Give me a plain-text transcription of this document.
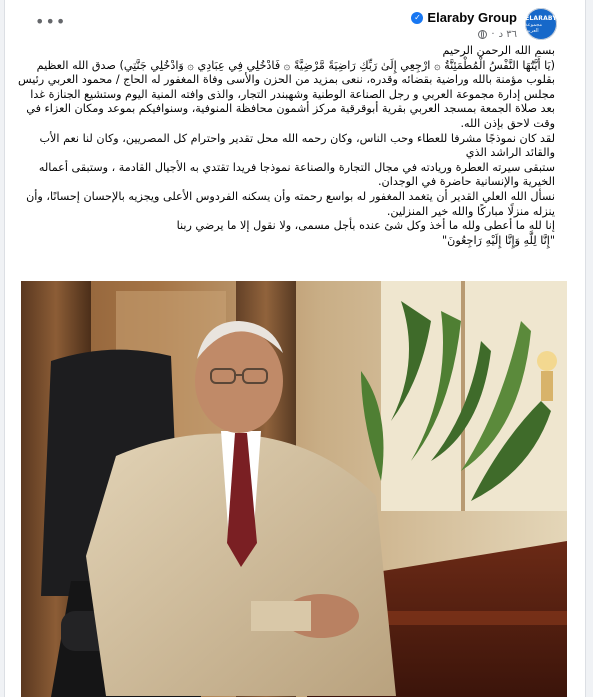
•••	✓ Elaraby Group
· ٣٦ د
ELARABY
مجموعة العربي

بسم الله الرحمن الرحيم

(يَا أَيَّتُهَا النَّفْسُ الْمُطْمَئِنَّةُ ۞ ارْجِعِي إِلَىٰ رَبِّكِ رَاضِيَةً مَّرْضِيَّةً ۞ فَادْخُلِي فِي عِبَادِي ۞ وَادْخُلِي جَنَّتِي) صدق الله العظيم

بقلوب مؤمنة بالله وراضية بقضائه وقدره، ننعى بمزيد من الحزن والأسى وفاة المغفور له الحاج / محمود العربي رئيس مجلس إدارة مجموعة العربي و رجل الصناعة الوطنية وشهبندر التجار، والذى وافته المنية اليوم وستشيع الجنازة غدا بعد صلاة الجمعة بمسجد العربي بقرية أبوقرقية مركز أشمون محافظة المنوفية، وسنوافيكم بموعد ومكان العزاء في وقت لاحق بإذن الله.

لقد كان نموذجًا مشرفا للعطاء وحب الناس، وكان رحمه الله محل تقدير واحترام كل المصريين، وكان لنا نعم الأب والقائد الراشد الذي

ستبقى سيرته العطرة وريادته في مجال التجارة والصناعة نموذجا فريدا تقتدي به الأجيال القادمة ، وستبقى أعماله الخيرية والإنسانية حاضرة في الوجدان.

نسأل الله العلي القدير أن يتغمد المغفور له بواسع رحمته وأن يسكنه الفردوس الأعلى ويجزيه بالإحسان إحسانًا، وأن ينزله منزلًا مباركًا والله خير المنزلين.

إنا لله ما أعطى ولله ما أخذ وكل شئ عنده بأجل مسمى، ولا نقول إلا ما يرضي ربنا

"إِنَّا لِلَّهِ وَإِنَّا إِلَيْهِ رَاجِعُونَ"
